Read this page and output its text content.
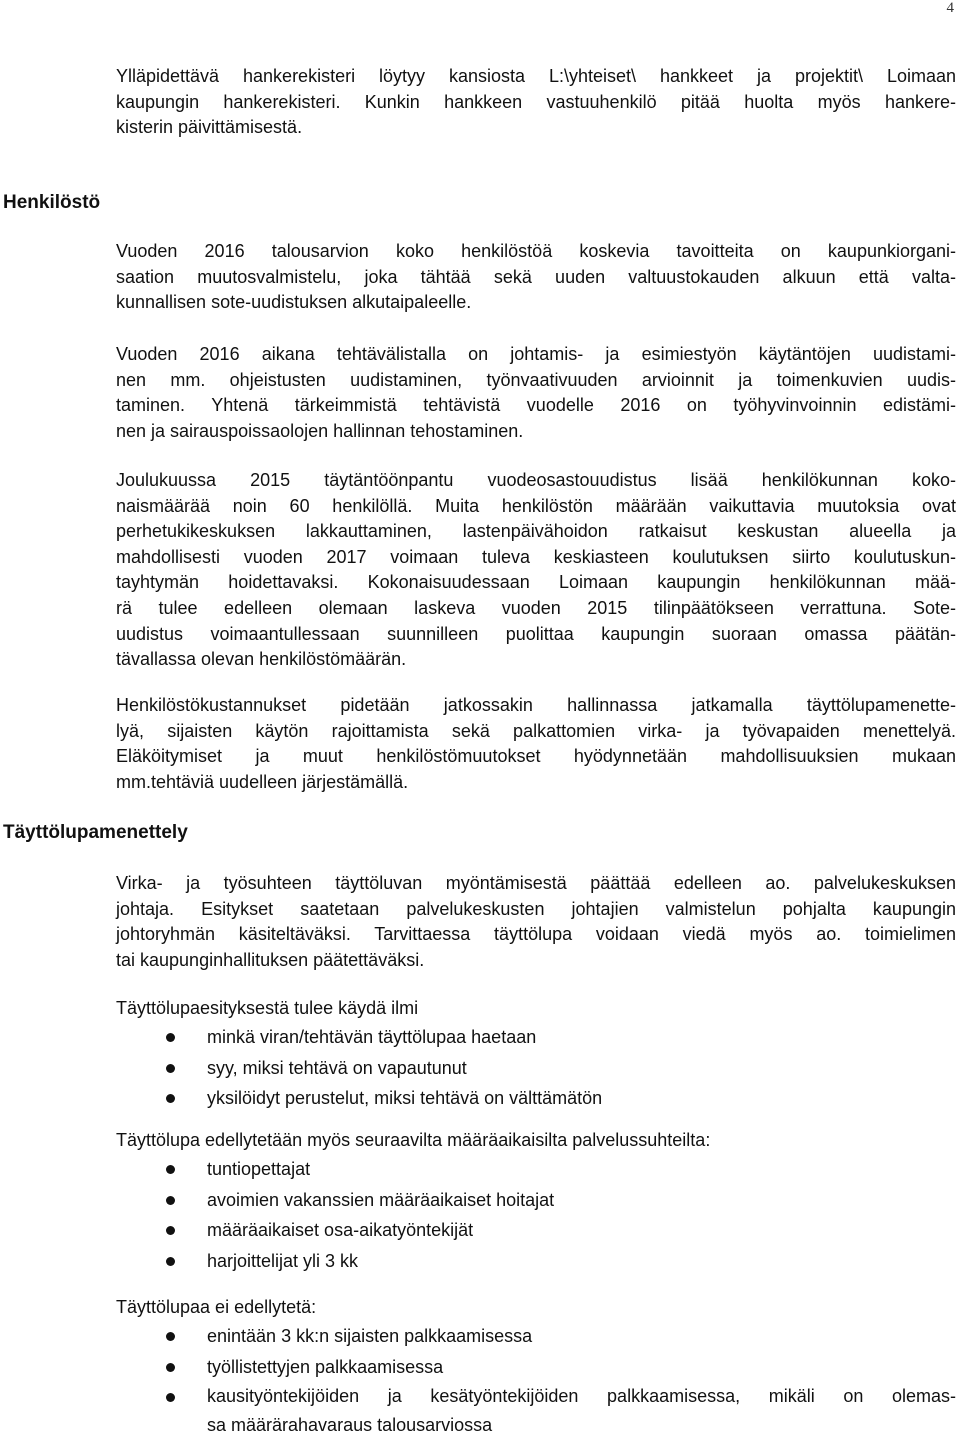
4
Ylläpidettävä hankerekisteri löytyy kansiosta L:\yhteiset\ hankkeet ja projektit\ Loimaan
kaupungin hankerekisteri. Kunkin hankkeen vastuuhenkilö pitää huolta myös hankere-
kisterin päivittämisestä.
Henkilöstö
Vuoden 2016 talousarvion koko henkilöstöä koskevia tavoitteita on kaupunkiorgani-
saation muutosvalmistelu, joka tähtää sekä uuden valtuustokauden alkuun että valta-
kunnallisen sote-uudistuksen alkutaipaleelle.
Vuoden 2016 aikana tehtävälistalla on johtamis- ja esimiestyön käytäntöjen uudistami-
nen mm. ohjeistusten uudistaminen, työnvaativuuden arvioinnit ja toimenkuvien uudis-
taminen. Yhtenä tärkeimmistä tehtävistä vuodelle 2016 on työhyvinvoinnin edistämi-
nen ja sairauspoissaolojen hallinnan tehostaminen.
Joulukuussa 2015 täytäntöönpantu vuodeosastouudistus lisää henkilökunnan koko-
naismäärää noin 60 henkilöllä. Muita henkilöstön määrään vaikuttavia muutoksia ovat
perhetukikeskuksen lakkauttaminen, lastenpäivähoidon ratkaisut keskustan alueella ja
mahdollisesti vuoden 2017 voimaan tuleva keskiasteen koulutuksen siirto koulutuskun-
tayhtymän hoidettavaksi. Kokonaisuudessaan Loimaan kaupungin henkilökunnan mää-
rä tulee edelleen olemaan laskeva vuoden 2015 tilinpäätökseen verrattuna. Sote-
uudistus voimaantullessaan suunnilleen puolittaa kaupungin suoraan omassa päätän-
tävallassa olevan henkilöstömäärän.
Henkilöstökustannukset pidetään jatkossakin hallinnassa jatkamalla täyttölupamenette-
lyä, sijaisten käytön rajoittamista sekä palkattomien virka- ja työvapaiden menettelyä.
Eläköitymiset ja muut henkilöstömuutokset hyödynnetään mahdollisuuksien mukaan
mm.tehtäviä uudelleen järjestämällä.
Täyttölupamenettely
Virka- ja työsuhteen täyttöluvan myöntämisestä päättää edelleen ao. palvelukeskuksen
johtaja. Esitykset saatetaan palvelukeskusten johtajien valmistelun pohjalta kaupungin
johtoryhmän käsiteltäväksi. Tarvittaessa täyttölupa voidaan viedä myös ao. toimielimen
tai kaupunginhallituksen päätettäväksi.

Täyttölupaesityksestä tulee käydä ilmi

minkä viran/tehtävän täyttölupaa haetaan
syy, miksi tehtävä on vapautunut
yksilöidyt perustelut, miksi tehtävä on välttämätön

Täyttölupa edellytetään myös seuraavilta määräaikaisilta palvelussuhteilta:

tuntiopettajat
avoimien vakanssien määräaikaiset hoitajat
määräaikaiset osa-aikatyöntekijät
harjoittelijat yli 3 kk

Täyttölupaa ei edellytetä:

enintään 3 kk:n sijaisten palkkaamisessa
työllistettyjen palkkaamisessa
kausityöntekijöiden ja kesätyöntekijöiden palkkaamisessa, mikäli on olemas-
sa määrärahavaraus talousarviossa
